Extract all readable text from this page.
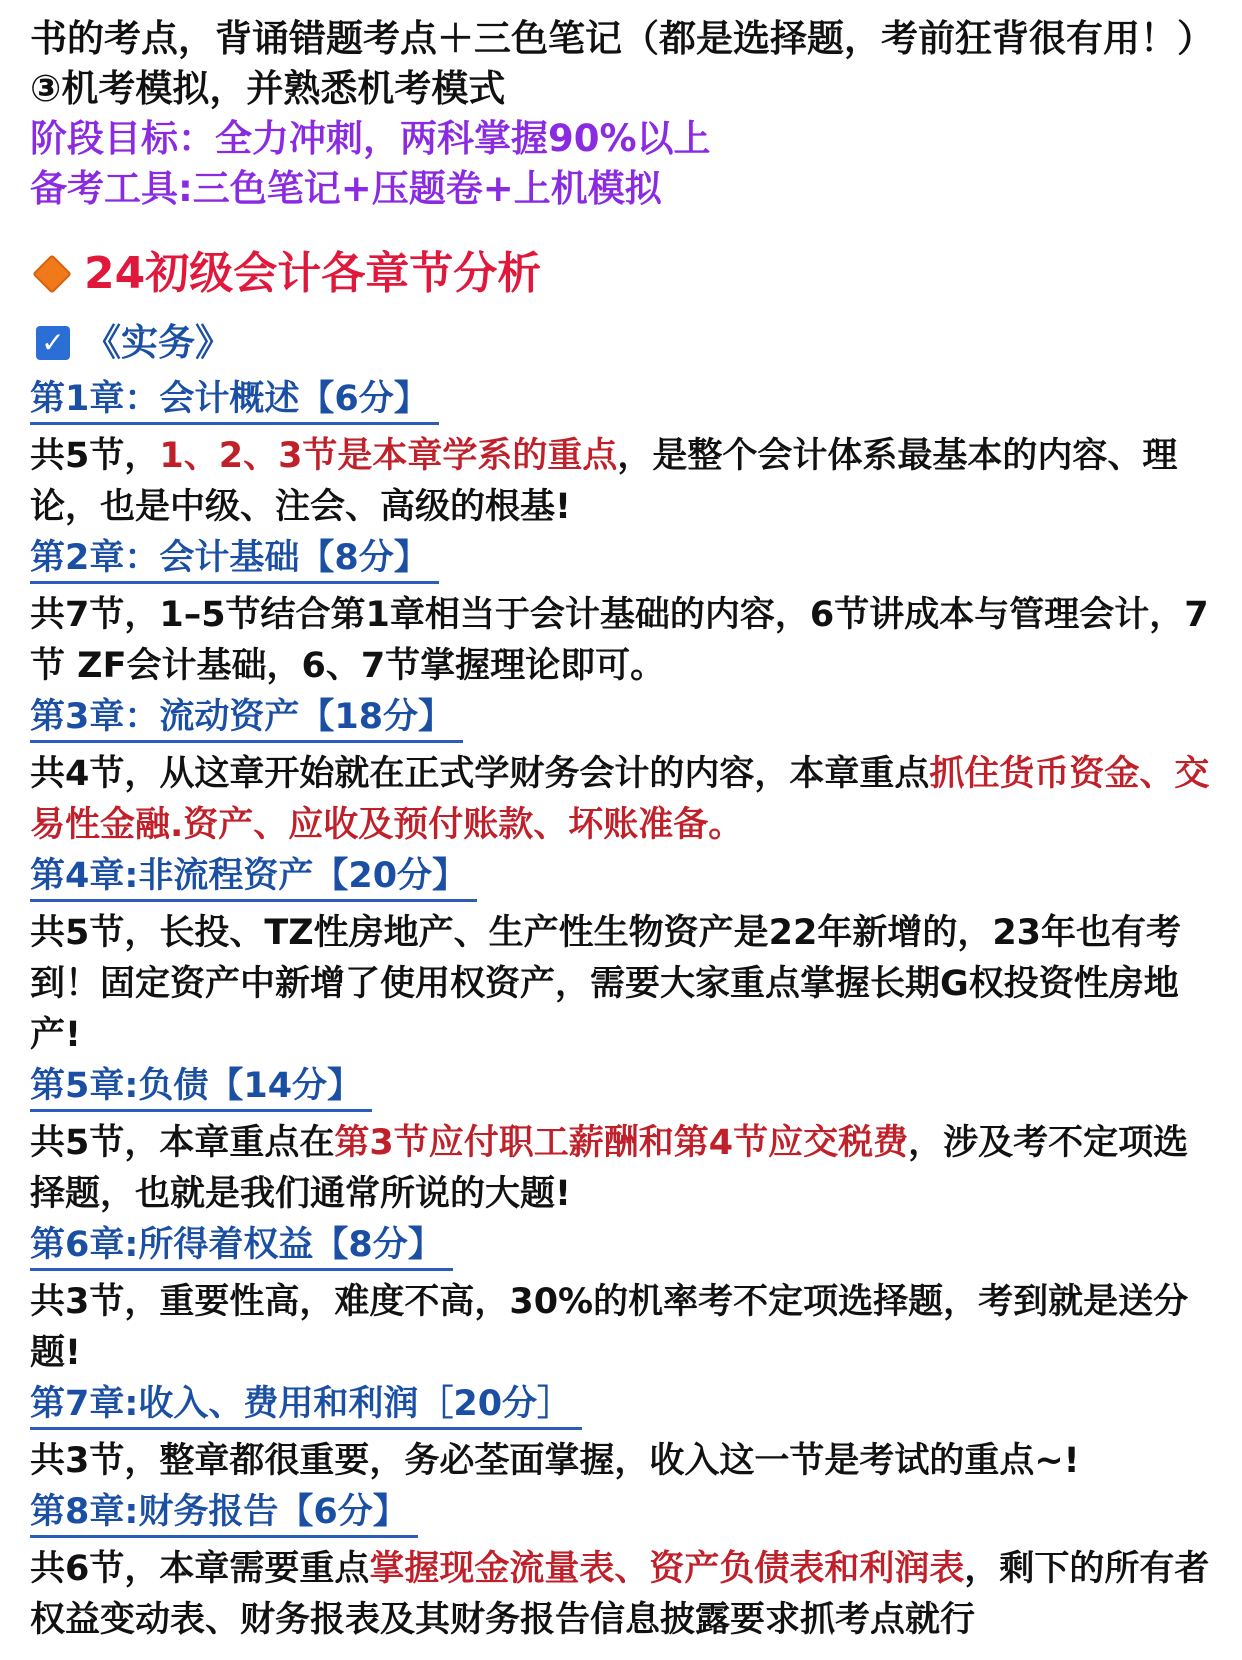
书的考点，背诵错题考点＋三色笔记（都是选择题，考前狂背很有用！）
③机考模拟，并熟悉机考模式
阶段目标：全力冲刺，两科掌握90%以上
备考工具:三色笔记+压题卷+上机模拟
24初级会计各章节分析
✓ 《实务》
第1章：会计概述【6分】
共5节，1、2、3节是本章学系的重点，是整个会计体系最基本的内容、理论，也是中级、注会、高级的根基!
第2章：会计基础【8分】
共7节，1–5节结合第1章相当于会计基础的内容，6节讲成本与管理会计，7节 ZF会计基础，6、7节掌握理论即可。
第3章：流动资产【18分】
共4节，从这章开始就在正式学财务会计的内容，本章重点抓住货币资金、交易性金融.资产、应收及预付账款、坏账准备。
第4章:非流程资产【20分】
共5节，长投、TZ性房地产、生产性生物资产是22年新增的，23年也有考到！固定资产中新增了使用权资产，需要大家重点掌握长期G权投资性房地产!
第5章:负债【14分】
共5节，本章重点在第3节应付职工薪酬和第4节应交税费，涉及考不定项选择题，也就是我们通常所说的大题!
第6章:所得着权益【8分】
共3节，重要性高，难度不高，30%的机率考不定项选择题，考到就是送分题!
第7章:收入、费用和利润［20分］
共3节，整章都很重要，务必荃面掌握，收入这一节是考试的重点~!
第8章:财务报告【6分】
共6节，本章需要重点掌握现金流量表、资产负债表和利润表，剩下的所有者权益变动表、财务报表及其财务报告信息披露要求抓考点就行
